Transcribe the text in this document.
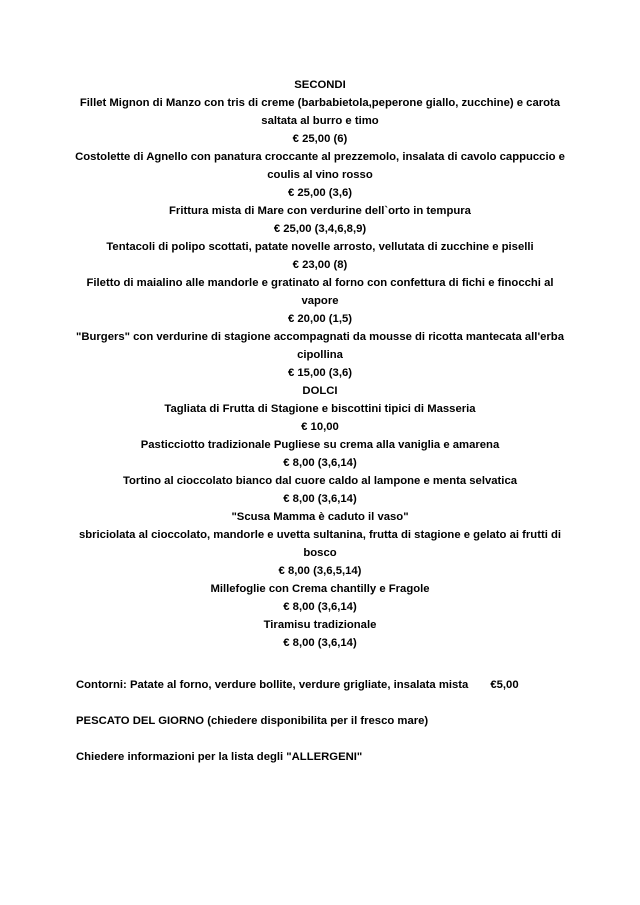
SECONDI
Fillet Mignon di Manzo con tris di creme (barbabietola,peperone giallo, zucchine) e carota
saltata al burro e timo
€ 25,00 (6)
Costolette di Agnello con panatura croccante al prezzemolo, insalata di cavolo cappuccio e
coulis al vino rosso
€ 25,00 (3,6)
Frittura mista di Mare con verdurine dell`orto in tempura
€ 25,00 (3,4,6,8,9)
Tentacoli di polipo scottati, patate novelle arrosto, vellutata di zucchine e piselli
€ 23,00 (8)
Filetto di maialino alle mandorle e gratinato al forno con confettura di fichi e finocchi al
vapore
€ 20,00 (1,5)
"Burgers" con verdurine di stagione accompagnati da mousse di ricotta mantecata all'erba
cipollina
€ 15,00 (3,6)
DOLCI
Tagliata di Frutta di Stagione e biscottini tipici di Masseria
€ 10,00
Pasticciotto tradizionale Pugliese su crema alla vaniglia e amarena
€ 8,00 (3,6,14)
Tortino al cioccolato bianco dal cuore caldo al lampone e menta selvatica
€ 8,00 (3,6,14)
"Scusa Mamma è caduto il vaso"
sbriciolata al cioccolato, mandorle e uvetta sultanina, frutta di stagione e gelato ai frutti di
bosco
€ 8,00 (3,6,5,14)
Millefoglie con Crema chantilly e Fragole
€ 8,00 (3,6,14)
Tiramisu tradizionale
€ 8,00 (3,6,14)
Contorni: Patate al forno, verdure bollite, verdure grigliate, insalata mista €5,00
PESCATO DEL GIORNO (chiedere disponibilita per il fresco mare)
Chiedere informazioni per la lista degli "ALLERGENI"
